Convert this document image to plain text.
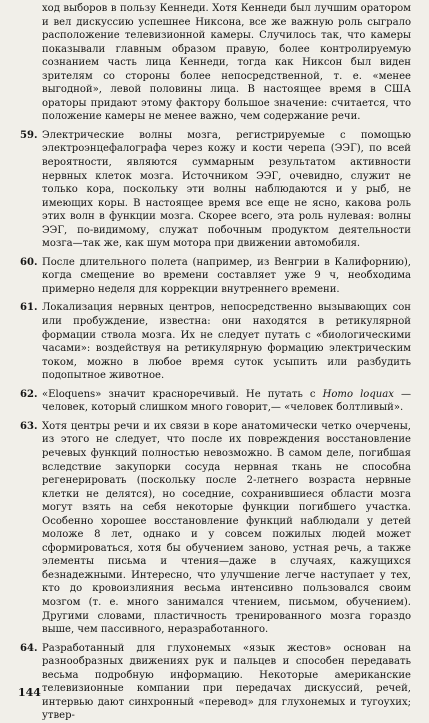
ход выборов в пользу Кеннеди. Хотя Кеннеди был лучшим оратором и вел дискуссию успешнее Никсона, все же важную роль сыграло расположение телевизионной камеры. Случилось так, что камеры показывали главным образом правую, более контролируемую сознанием часть лица Кеннеди, тогда как Никсон был виден зрителям со стороны более непосредственной, т. е. «менее выгодной», левой половины лица. В настоящее время в США ораторы придают этому фактору большое значение: считается, что положение камеры не менее важно, чем содержание речи.

59. Электрические волны мозга, регистрируемые с помощью электроэнцефалографа через кожу и кости черепа (ЭЭГ), по всей вероятности, являются суммарным результатом активности нервных клеток мозга. Источником ЭЭГ, очевидно, служит не только кора, поскольку эти волны наблюдаются и у рыб, не имеющих коры. В настоящее время все еще не ясно, какова роль этих волн в функции мозга. Скорее всего, эта роль нулевая: волны ЭЭГ, по-видимому, служат побочным продуктом деятельности мозга—так же, как шум мотора при движении автомобиля.
60. После длительного полета (например, из Венгрии в Калифорнию), когда смещение во времени составляет уже 9 ч, необходима примерно неделя для коррекции внутреннего времени.
61. Локализация нервных центров, непосредственно вызывающих сон или пробуждение, известна: они находятся в ретикулярной формации ствола мозга. Их не следует путать с «биологическими часами»: воздействуя на ретикулярную формацию электрическим током, можно в любое время суток усыпить или разбудить подопытное животное.
62. «Eloquens» значит красноречивый. Не путать с Homo loquax — человек, который слишком много говорит,— «человек болтливый».
63. Хотя центры речи и их связи в коре анатомически четко очерчены, из этого не следует, что после их повреждения восстановление речевых функций полностью невозможно. В самом деле, погибшая вследствие закупорки сосуда нервная ткань не способна регенерировать (поскольку после 2-летнего возраста нервные клетки не делятся), но соседние, сохранившиеся области мозга могут взять на себя некоторые функции погибшего участка. Особенно хорошее восстановление функций наблюдали у детей моложе 8 лет, однако и у совсем пожилых людей может сформироваться, хотя бы обучением заново, устная речь, а также элементы письма и чтения—даже в случаях, кажущихся безнадежными. Интересно, что улучшение легче наступает у тех, кто до кровоизлияния весьма интенсивно пользовался своим мозгом (т. е. много занимался чтением, письмом, обучением). Другими словами, пластичность тренированного мозга гораздо выше, чем пассивного, неразработанного.
64. Разработанный для глухонемых «язык жестов» основан на разнообразных движениях рук и пальцев и способен передавать весьма подробную информацию. Некоторые американские телевизионные компании при передачах дискуссий, речей, интервью дают синхронный «перевод» для глухонемых и тугоухих; утвер-
144
